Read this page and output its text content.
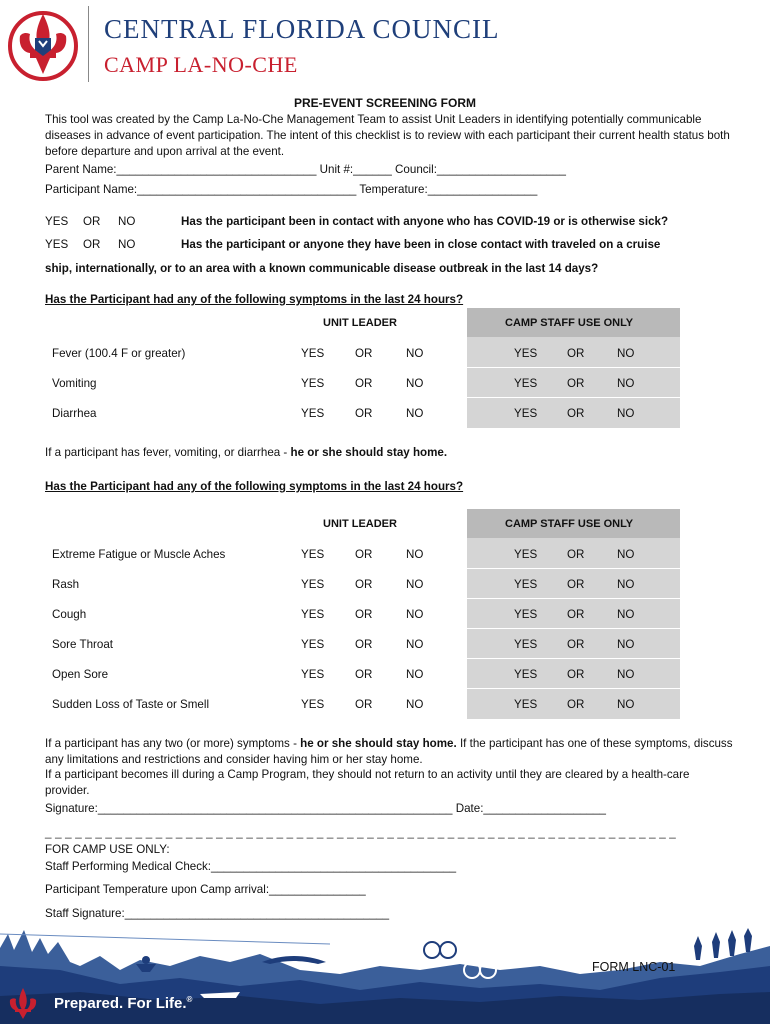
CENTRAL FLORIDA COUNCIL
CAMP LA-NO-CHE
PRE-EVENT SCREENING FORM
This tool was created by the Camp La-No-Che Management Team to assist Unit Leaders in identifying potentially communicable diseases in advance of event participation. The intent of this checklist is to review with each participant their current health status both before departure and upon arrival at the event.
Parent Name:_______________________________ Unit #:______ Council:____________________
Participant Name:__________________________________ Temperature:_________________
YES OR NO	Has the participant been in contact with anyone who has COVID-19 or is otherwise sick?
YES OR NO	Has the participant or anyone they have been in close contact with traveled on a cruise
ship, internationally, or to an area with a known communicable disease outbreak in the last 14 days?
Has the Participant had any of the following symptoms in the last 24 hours?
UNIT LEADER	CAMP STAFF USE ONLY
Fever (100.4 F or greater)	YES	OR	NO	YES	OR	NO
Vomiting	YES	OR	NO	YES	OR	NO
Diarrhea	YES	OR	NO	YES	OR	NO
If a participant has fever, vomiting, or diarrhea - he or she should stay home.
Has the Participant had any of the following symptoms in the last 24 hours?
UNIT LEADER	CAMP STAFF USE ONLY
Extreme Fatigue or Muscle Aches	YES	OR	NO	YES	OR	NO
Rash	YES	OR	NO	YES	OR	NO
Cough	YES	OR	NO	YES	OR	NO
Sore Throat	YES	OR	NO	YES	OR	NO
Open Sore	YES	OR	NO	YES	OR	NO
Sudden Loss of Taste or Smell	YES	OR	NO	YES	OR	NO
If a participant has any two (or more) symptoms - he or she should stay home. If the participant has one of these symptoms, discuss any limitations and restrictions and consider having him or her stay home.
If a participant becomes ill during a Camp Program, they should not return to an activity until they are cleared by a health-care provider.
Signature:_______________________________________________________ Date:___________________
_ _ _ _ _ _ _ _ _ _ _ _ _ _ _ _ _ _ _ _ _ _ _ _ _ _ _ _ _ _ _ _ _ _ _ _ _ _ _ _ _ _ _ _ _ _ _ _ _ _ _ _ _ _ _ _ _ _ _ _ _ _ _
FOR CAMP USE ONLY:
Staff Performing Medical Check:______________________________________
Participant Temperature upon Camp arrival:_______________
Staff Signature:_________________________________________
Prepared. For Life.®
FORM LNC-01
